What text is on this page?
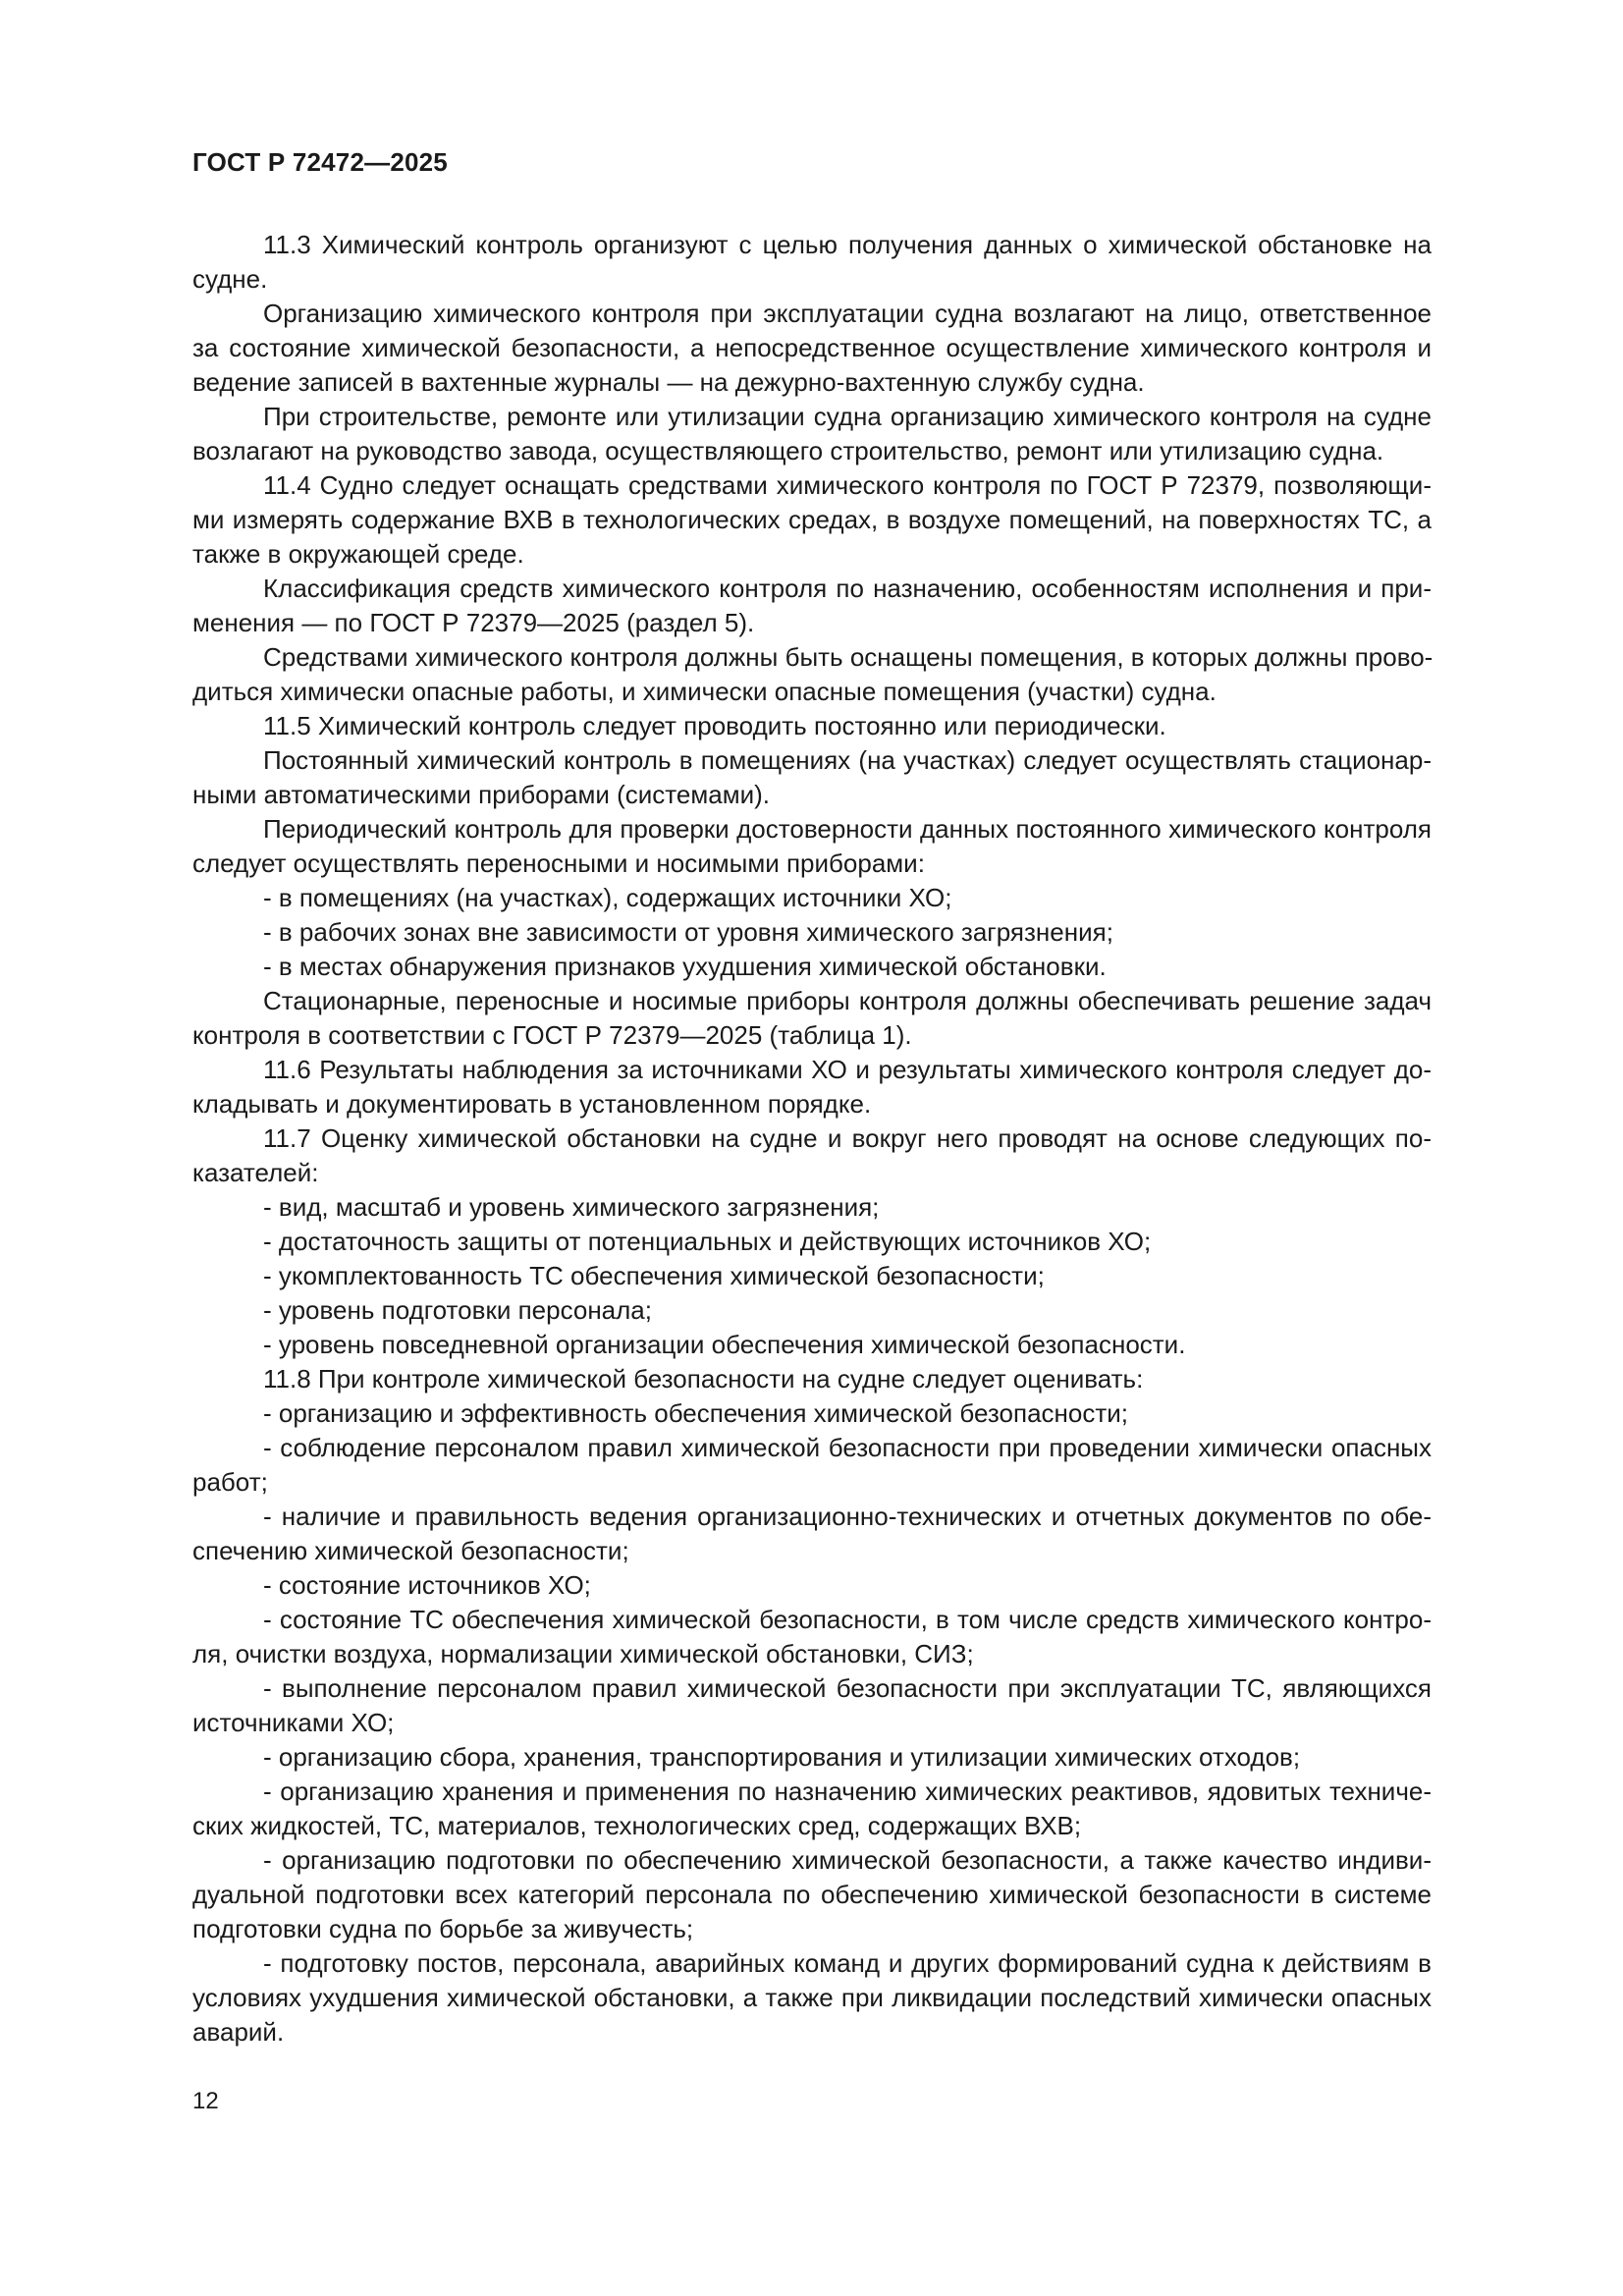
ГОСТ Р 72472—2025
11.3 Химический контроль организуют с целью получения данных о химической обстановке на
судне.
Организацию химического контроля при эксплуатации судна возлагают на лицо, ответственное
за состояние химической безопасности, а непосредственное осуществление химического контроля и
ведение записей в вахтенные журналы — на дежурно-вахтенную службу судна.
При строительстве, ремонте или утилизации судна организацию химического контроля на судне
возлагают на руководство завода, осуществляющего строительство, ремонт или утилизацию судна.
11.4 Судно следует оснащать средствами химического контроля по ГОСТ Р 72379, позволяющи-
ми измерять содержание ВХВ в технологических средах, в воздухе помещений, на поверхностях ТС, а
также в окружающей среде.
Классификация средств химического контроля по назначению, особенностям исполнения и при-
менения — по ГОСТ Р 72379—2025 (раздел 5).
Средствами химического контроля должны быть оснащены помещения, в которых должны прово-
диться химически опасные работы, и химически опасные помещения (участки) судна.
11.5 Химический контроль следует проводить постоянно или периодически.
Постоянный химический контроль в помещениях (на участках) следует осуществлять стационар-
ными автоматическими приборами (системами).
Периодический контроль для проверки достоверности данных постоянного химического контроля
следует осуществлять переносными и носимыми приборами:
- в помещениях (на участках), содержащих источники ХО;
- в рабочих зонах вне зависимости от уровня химического загрязнения;
- в местах обнаружения признаков ухудшения химической обстановки.
Стационарные, переносные и носимые приборы контроля должны обеспечивать решение задач
контроля в соответствии с ГОСТ Р 72379—2025 (таблица 1).
11.6 Результаты наблюдения за источниками ХО и результаты химического контроля следует до-
кладывать и документировать в установленном порядке.
11.7 Оценку химической обстановки на судне и вокруг него проводят на основе следующих по-
казателей:
- вид, масштаб и уровень химического загрязнения;
- достаточность защиты от потенциальных и действующих источников ХО;
- укомплектованность ТС обеспечения химической безопасности;
- уровень подготовки персонала;
- уровень повседневной организации обеспечения химической безопасности.
11.8 При контроле химической безопасности на судне следует оценивать:
- организацию и эффективность обеспечения химической безопасности;
- соблюдение персоналом правил химической безопасности при проведении химически опасных
работ;
- наличие и правильность ведения организационно-технических и отчетных документов по обе-
спечению химической безопасности;
- состояние источников ХО;
- состояние ТС обеспечения химической безопасности, в том числе средств химического контро-
ля, очистки воздуха, нормализации химической обстановки, СИЗ;
- выполнение персоналом правил химической безопасности при эксплуатации ТС, являющихся
источниками ХО;
- организацию сбора, хранения, транспортирования и утилизации химических отходов;
- организацию хранения и применения по назначению химических реактивов, ядовитых техниче-
ских жидкостей, ТС, материалов, технологических сред, содержащих ВХВ;
- организацию подготовки по обеспечению химической безопасности, а также качество индиви-
дуальной подготовки всех категорий персонала по обеспечению химической безопасности в системе
подготовки судна по борьбе за живучесть;
- подготовку постов, персонала, аварийных команд и других формирований судна к действиям в
условиях ухудшения химической обстановки, а также при ликвидации последствий химически опасных
аварий.
12
